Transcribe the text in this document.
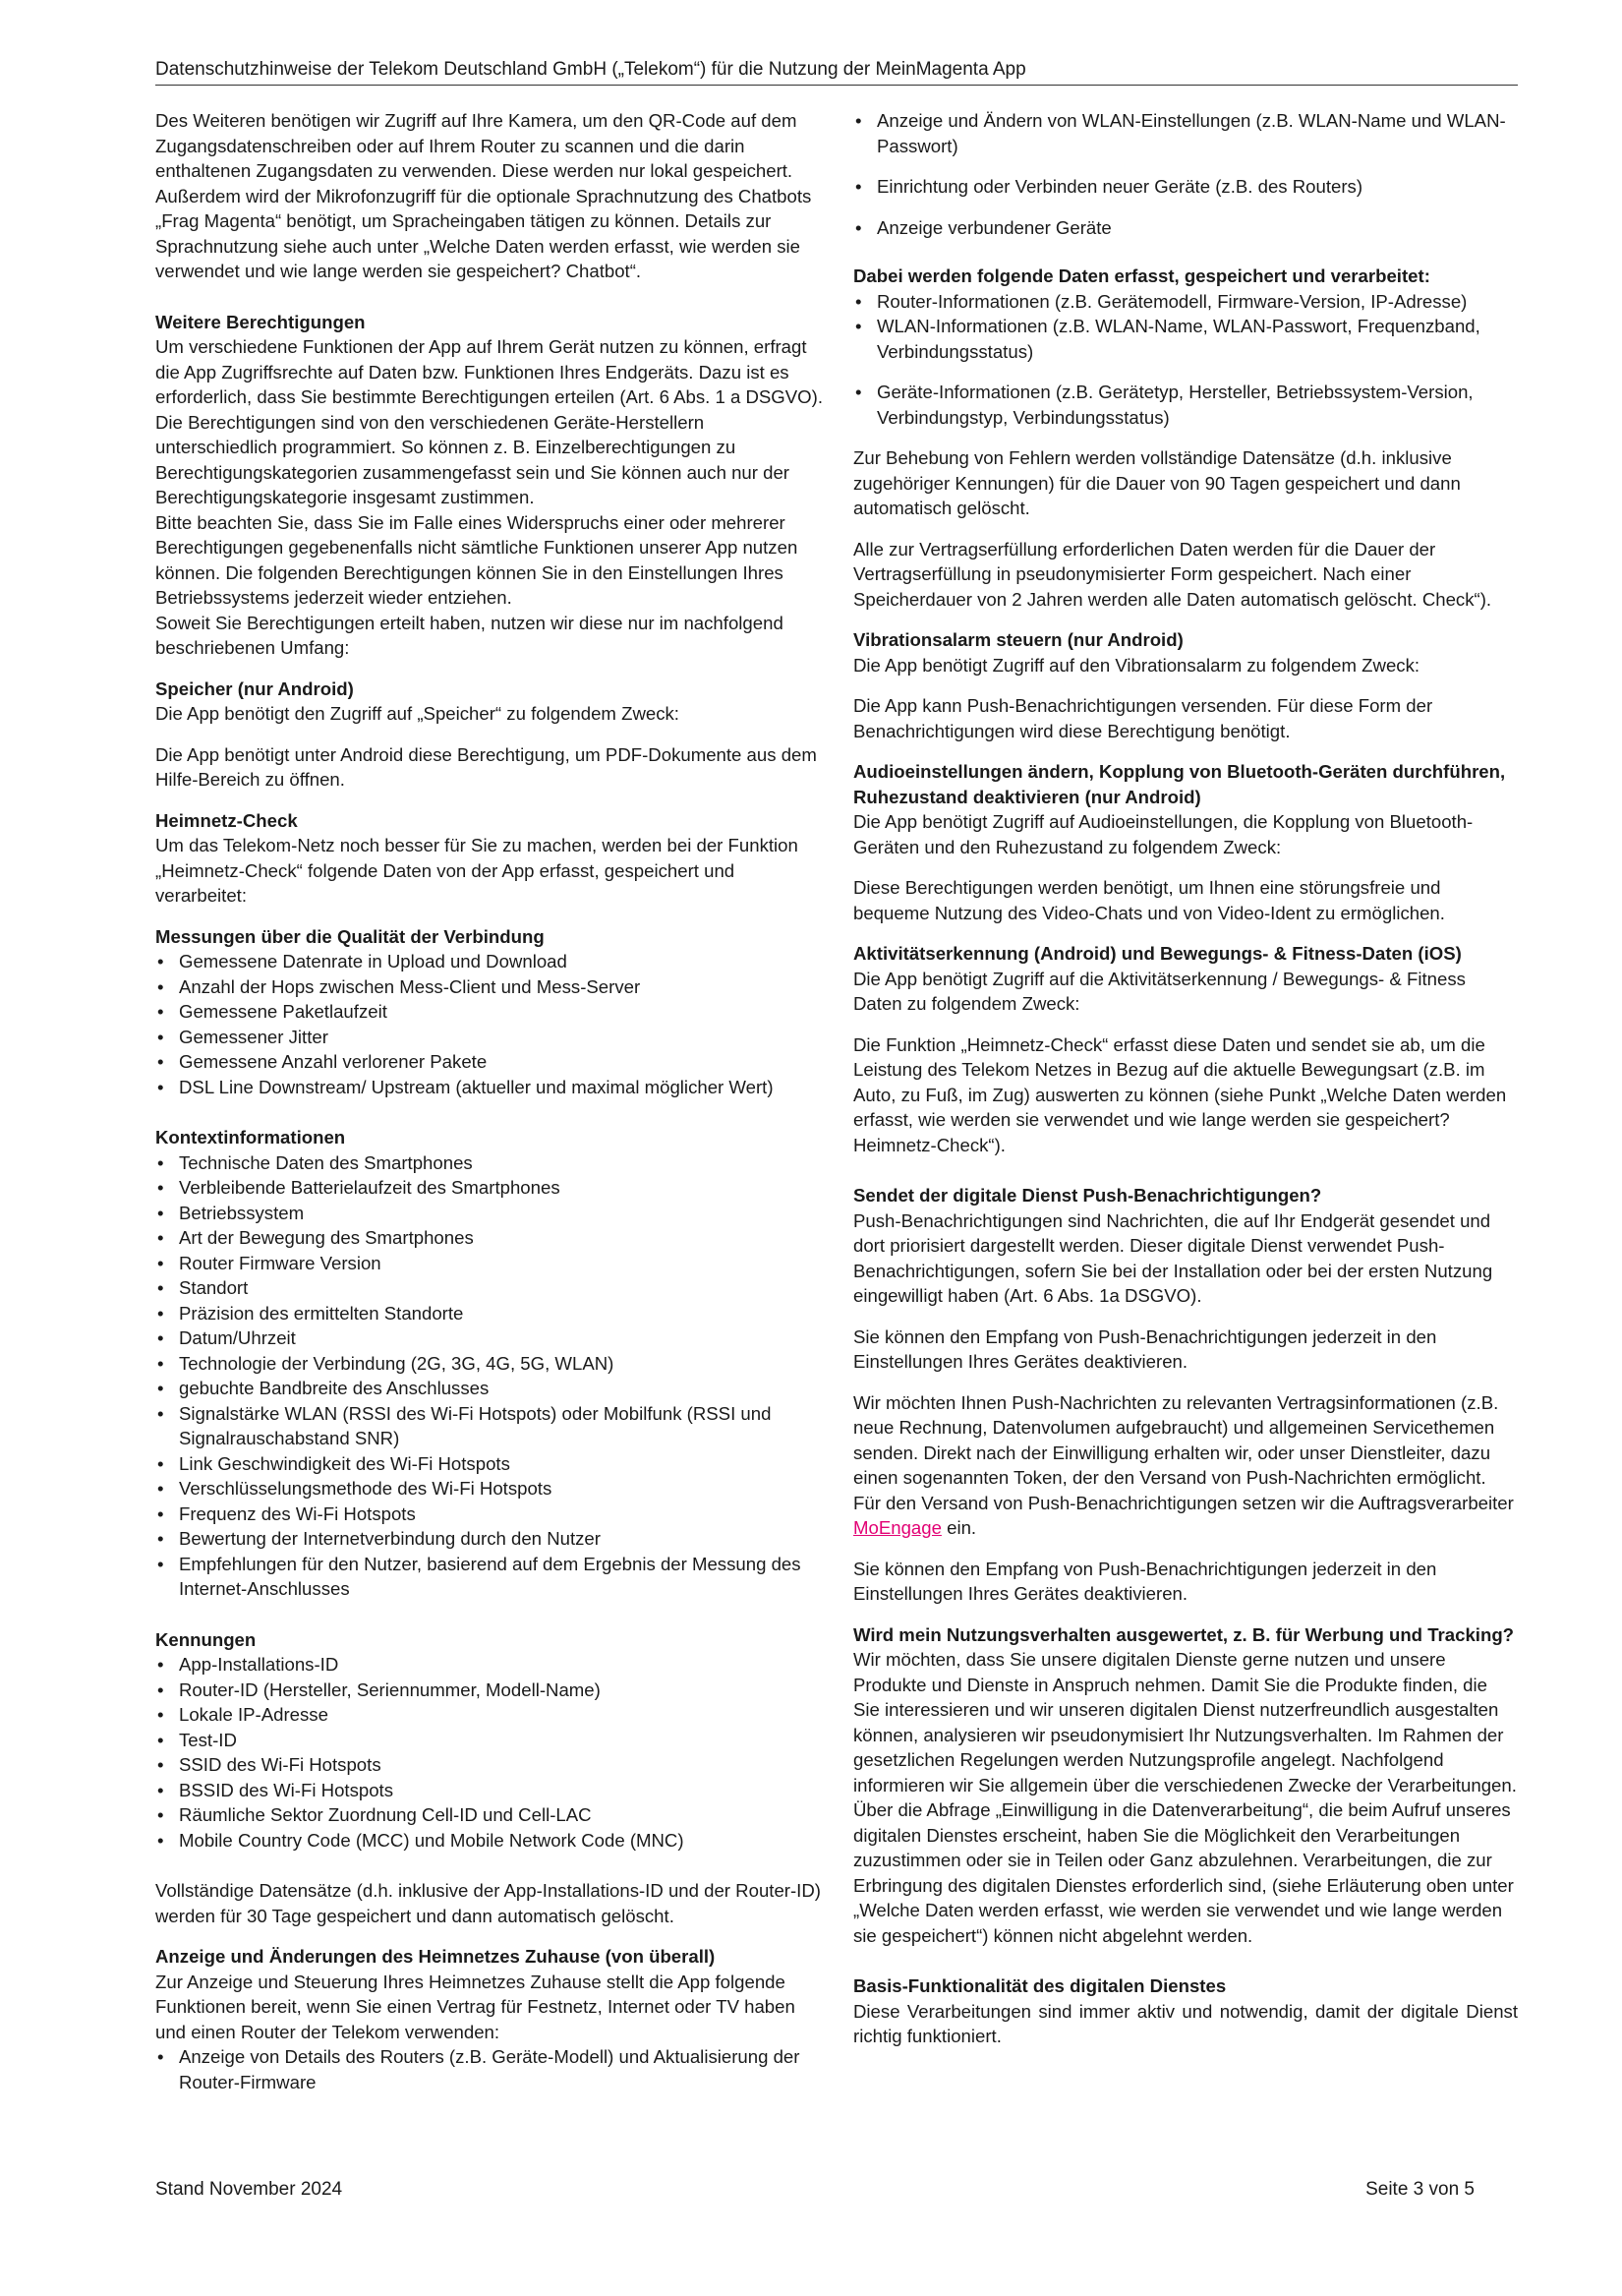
Datenschutzhinweise der Telekom Deutschland GmbH („Telekom“) für die Nutzung der MeinMagenta App

Des Weiteren benötigen wir Zugriff auf Ihre Kamera, um den QR-Code auf dem Zugangsdatenschreiben oder auf Ihrem Router zu scannen und die darin enthaltenen Zugangsdaten zu verwenden. Diese werden nur lokal gespeichert.

Außerdem wird der Mikrofonzugriff für die optionale Sprachnutzung des Chatbots „Frag Magenta“ benötigt, um Spracheingaben tätigen zu können. Details zur Sprachnutzung siehe auch unter „Welche Daten werden erfasst, wie werden sie verwendet und wie lange werden sie gespeichert? Chatbot“.

Weitere Berechtigungen
Um verschiedene Funktionen der App auf Ihrem Gerät nutzen zu können, erfragt die App Zugriffsrechte auf Daten bzw. Funktionen Ihres Endgeräts. Dazu ist es erforderlich, dass Sie bestimmte Berechtigungen erteilen (Art. 6 Abs. 1 a DSGVO).
Die Berechtigungen sind von den verschiedenen Geräte-Herstellern unterschiedlich programmiert. So können z. B. Einzelberechtigungen zu Berechtigungskategorien zusammengefasst sein und Sie können auch nur der Berechtigungskategorie insgesamt zustimmen.
Bitte beachten Sie, dass Sie im Falle eines Widerspruchs einer oder mehrerer Berechtigungen gegebenenfalls nicht sämtliche Funktionen unserer App nutzen können. Die folgenden Berechtigungen können Sie in den Einstellungen Ihres Betriebssystems jederzeit wieder entziehen.
Soweit Sie Berechtigungen erteilt haben, nutzen wir diese nur im nachfolgend beschriebenen Umfang:
Speicher (nur Android)
Die App benötigt den Zugriff auf „Speicher“ zu folgendem Zweck:

Die App benötigt unter Android diese Berechtigung, um PDF-Dokumente aus dem Hilfe-Bereich zu öffnen.

Heimnetz-Check
Um das Telekom-Netz noch besser für Sie zu machen, werden bei der Funktion „Heimnetz-Check“ folgende Daten von der App erfasst, gespeichert und verarbeitet:
Messungen über die Qualität der Verbindung
• Gemessene Datenrate in Upload und Download
• Anzahl der Hops zwischen Mess-Client und Mess-Server
• Gemessene Paketlaufzeit
• Gemessener Jitter
• Gemessene Anzahl verlorener Pakete
• DSL Line Downstream/ Upstream (aktueller und maximal möglicher Wert)
Kontextinformationen
• Technische Daten des Smartphones
• Verbleibende Batterielaufzeit des Smartphones
• Betriebssystem
• Art der Bewegung des Smartphones
• Router Firmware Version
• Standort
• Präzision des ermittelten Standorte
• Datum/Uhrzeit
• Technologie der Verbindung (2G, 3G, 4G, 5G, WLAN)
• gebuchte Bandbreite des Anschlusses
• Signalstärke WLAN (RSSI des Wi-Fi Hotspots) oder Mobilfunk (RSSI und Signalrauschabstand SNR)
• Link Geschwindigkeit des Wi-Fi Hotspots
• Verschlüsselungsmethode des Wi-Fi Hotspots
• Frequenz des Wi-Fi Hotspots
• Bewertung der Internetverbindung durch den Nutzer
• Empfehlungen für den Nutzer, basierend auf dem Ergebnis der Messung des Internet-Anschlusses
Kennungen
• App-Installations-ID
• Router-ID (Hersteller, Seriennummer, Modell-Name)
• Lokale IP-Adresse
• Test-ID
• SSID des Wi-Fi Hotspots
• BSSID des Wi-Fi Hotspots
• Räumliche Sektor Zuordnung Cell-ID und Cell-LAC
• Mobile Country Code (MCC) und Mobile Network Code (MNC)

Vollständige Datensätze (d.h. inklusive der App-Installations-ID und der Router-ID) werden für 30 Tage gespeichert und dann automatisch gelöscht.

Anzeige und Änderungen des Heimnetzes Zuhause (von überall)
Zur Anzeige und Steuerung Ihres Heimnetzes Zuhause stellt die App folgende Funktionen bereit, wenn Sie einen Vertrag für Festnetz, Internet oder TV haben und einen Router der Telekom verwenden:
• Anzeige von Details des Routers (z.B. Geräte-Modell) und Aktualisierung der Router-Firmware
• Anzeige und Ändern von WLAN-Einstellungen (z.B. WLAN-Name und WLAN-Passwort)
• Einrichtung oder Verbinden neuer Geräte (z.B. des Routers)
• Anzeige verbundener Geräte
Dabei werden folgende Daten erfasst, gespeichert und verarbeitet:
• Router-Informationen (z.B. Gerätemodell, Firmware-Version, IP-Adresse)
• WLAN-Informationen (z.B. WLAN-Name, WLAN-Passwort, Frequenzband, Verbindungsstatus)
• Geräte-Informationen (z.B. Gerätetyp, Hersteller, Betriebssystem-Version, Verbindungstyp, Verbindungsstatus)

Zur Behebung von Fehlern werden vollständige Datensätze (d.h. inklusive zugehöriger Kennungen) für die Dauer von 90 Tagen gespeichert und dann automatisch gelöscht.

Alle zur Vertragserfüllung erforderlichen Daten werden für die Dauer der Vertragserfüllung in pseudonymisierter Form gespeichert. Nach einer Speicherdauer von 2 Jahren werden alle Daten automatisch gelöscht. Check“).

Vibrationsalarm steuern (nur Android)
Die App benötigt Zugriff auf den Vibrationsalarm zu folgendem Zweck:

Die App kann Push-Benachrichtigungen versenden. Für diese Form der Benachrichtigungen wird diese Berechtigung benötigt.

Audioeinstellungen ändern, Kopplung von Bluetooth-Geräten durchführen, Ruhezustand deaktivieren (nur Android)
Die App benötigt Zugriff auf Audioeinstellungen, die Kopplung von Bluetooth-Geräten und den Ruhezustand zu folgendem Zweck:

Diese Berechtigungen werden benötigt, um Ihnen eine störungsfreie und bequeme Nutzung des Video-Chats und von Video-Ident zu ermöglichen.

Aktivitätserkennung (Android) und Bewegungs- & Fitness-Daten (iOS)
Die App benötigt Zugriff auf die Aktivitätserkennung / Bewegungs- & Fitness Daten zu folgendem Zweck:

Die Funktion „Heimnetz-Check“ erfasst diese Daten und sendet sie ab, um die Leistung des Telekom Netzes in Bezug auf die aktuelle Bewegungsart (z.B. im Auto, zu Fuß, im Zug) auswerten zu können (siehe Punkt „Welche Daten werden erfasst, wie werden sie verwendet und wie lange werden sie gespeichert? Heimnetz-Check“).

Sendet der digitale Dienst Push-Benachrichtigungen?
Push-Benachrichtigungen sind Nachrichten, die auf Ihr Endgerät gesendet und dort priorisiert dargestellt werden. Dieser digitale Dienst verwendet Push-Benachrichtigungen, sofern Sie bei der Installation oder bei der ersten Nutzung eingewilligt haben (Art. 6 Abs. 1a DSGVO).

Sie können den Empfang von Push-Benachrichtigungen jederzeit in den Einstellungen Ihres Gerätes deaktivieren.

Wir möchten Ihnen Push-Nachrichten zu relevanten Vertragsinformationen (z.B. neue Rechnung, Datenvolumen aufgebraucht) und allgemeinen Servicethemen senden. Direkt nach der Einwilligung erhalten wir, oder unser Dienstleiter, dazu einen sogenannten Token, der den Versand von Push-Nachrichten ermöglicht. Für den Versand von Push-Benachrichtigungen setzen wir die Auftragsverarbeiter MoEngage ein.

Sie können den Empfang von Push-Benachrichtigungen jederzeit in den Einstellungen Ihres Gerätes deaktivieren.

Wird mein Nutzungsverhalten ausgewertet, z. B. für Werbung und Tracking?
Wir möchten, dass Sie unsere digitalen Dienste gerne nutzen und unsere Produkte und Dienste in Anspruch nehmen. Damit Sie die Produkte finden, die Sie interessieren und wir unseren digitalen Dienst nutzerfreundlich ausgestalten können, analysieren wir pseudonymisiert Ihr Nutzungsverhalten. Im Rahmen der gesetzlichen Regelungen werden Nutzungsprofile angelegt. Nachfolgend informieren wir Sie allgemein über die verschiedenen Zwecke der Verarbeitungen. Über die Abfrage „Einwilligung in die Datenverarbeitung“, die beim Aufruf unseres digitalen Dienstes erscheint, haben Sie die Möglichkeit den Verarbeitungen zuzustimmen oder sie in Teilen oder Ganz abzulehnen. Verarbeitungen, die zur Erbringung des digitalen Dienstes erforderlich sind, (siehe Erläuterung oben unter „Welche Daten werden erfasst, wie werden sie verwendet und wie lange werden sie gespeichert“) können nicht abgelehnt werden.
Basis-Funktionalität des digitalen Dienstes
Diese Verarbeitungen sind immer aktiv und notwendig, damit der digitale Dienst richtig funktioniert.
Stand November 2024	Seite 3 von 5
